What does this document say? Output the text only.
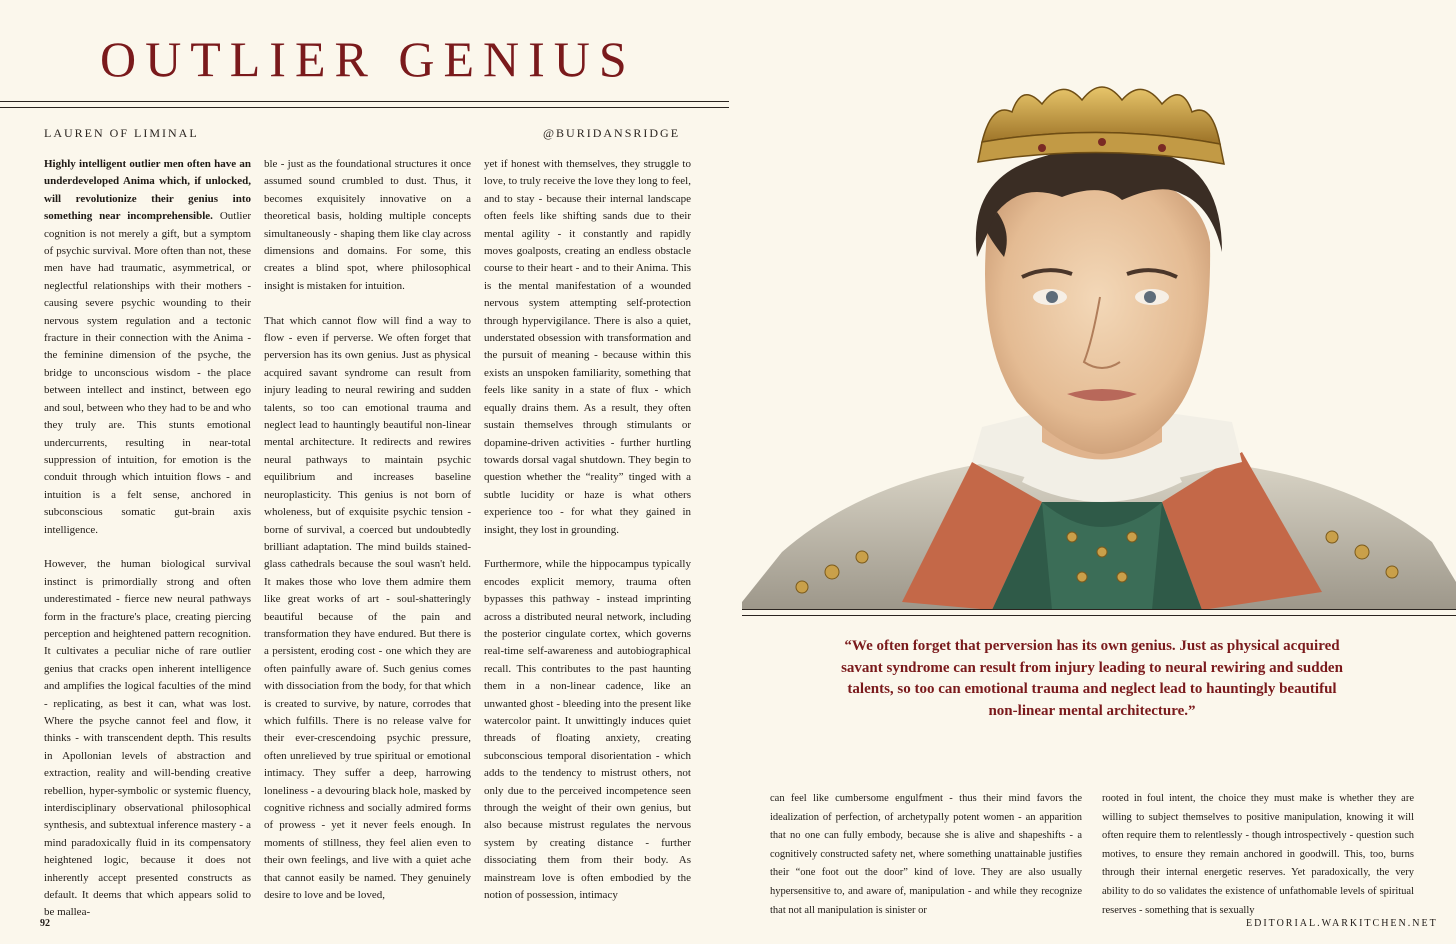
OUTLIER GENIUS
LAUREN OF LIMINAL	@BURIDANSRIDGE

Highly intelligent outlier men often have an underdeveloped Anima which, if unlocked, will revolutionize their genius into something near incomprehensible. Outlier cognition is not merely a gift, but a symptom of psychic survival. More often than not, these men have had traumatic, asymmetrical, or neglectful relationships with their mothers - causing severe psychic wounding to their nervous system regulation and a tectonic fracture in their connection with the Anima - the feminine dimension of the psyche, the bridge to unconscious wisdom - the place between intellect and instinct, between ego and soul, between who they had to be and who they truly are. This stunts emotional undercurrents, resulting in near-total suppression of intuition, for emotion is the conduit through which intuition flows - and intuition is a felt sense, anchored in subconscious somatic gut-brain axis intelligence.

However, the human biological survival instinct is primordially strong and often underestimated - fierce new neural pathways form in the fracture's place, creating piercing perception and heightened pattern recognition. It cultivates a peculiar niche of rare outlier genius that cracks open inherent intelligence and amplifies the logical faculties of the mind - replicating, as best it can, what was lost. Where the psyche cannot feel and flow, it thinks - with transcendent depth. This results in Apollonian levels of abstraction and extraction, reality and will-bending creative rebellion, hyper-symbolic or systemic fluency, interdisciplinary observational philosophical synthesis, and subtextual inference mastery - a mind paradoxically fluid in its compensatory heightened logic, because it does not inherently accept presented constructs as default. It deems that which appears solid to be mallea-

ble - just as the foundational structures it once assumed sound crumbled to dust. Thus, it becomes exquisitely innovative on a theoretical basis, holding multiple concepts simultaneously - shaping them like clay across dimensions and domains. For some, this creates a blind spot, where philosophical insight is mistaken for intuition.

That which cannot flow will find a way to flow - even if perverse. We often forget that perversion has its own genius. Just as physical acquired savant syndrome can result from injury leading to neural rewiring and sudden talents, so too can emotional trauma and neglect lead to hauntingly beautiful non-linear mental architecture. It redirects and rewires neural pathways to maintain psychic equilibrium and increases baseline neuroplasticity. This genius is not born of wholeness, but of exquisite psychic tension - borne of survival, a coerced but undoubtedly brilliant adaptation. The mind builds stained-glass cathedrals because the soul wasn't held. It makes those who love them admire them like great works of art - soul-shatteringly beautiful because of the pain and transformation they have endured. But there is a persistent, eroding cost - one which they are often painfully aware of. Such genius comes with dissociation from the body, for that which is created to survive, by nature, corrodes that which fulfills. There is no release valve for their ever-crescendoing psychic pressure, often unrelieved by true spiritual or emotional intimacy. They suffer a deep, harrowing loneliness - a devouring black hole, masked by cognitive richness and socially admired forms of prowess - yet it never feels enough. In moments of stillness, they feel alien even to their own feelings, and live with a quiet ache that cannot easily be named. They genuinely desire to love and be loved,

yet if honest with themselves, they struggle to love, to truly receive the love they long to feel, and to stay - because their internal landscape often feels like shifting sands due to their mental agility - it constantly and rapidly moves goalposts, creating an endless obstacle course to their heart - and to their Anima. This is the mental manifestation of a wounded nervous system attempting self-protection through hypervigilance. There is also a quiet, understated obsession with transformation and the pursuit of meaning - because within this exists an unspoken familiarity, something that feels like sanity in a state of flux - which equally drains them. As a result, they often sustain themselves through stimulants or dopamine-driven activities - further hurtling towards dorsal vagal shutdown. They begin to question whether the “reality” tinged with a subtle lucidity or haze is what others experience too - for what they gained in insight, they lost in grounding.

Furthermore, while the hippocampus typically encodes explicit memory, trauma often bypasses this pathway - instead imprinting across a distributed neural network, including the posterior cingulate cortex, which governs real-time self-awareness and autobiographical recall. This contributes to the past haunting them in a non-linear cadence, like an unwanted ghost - bleeding into the present like watercolor paint. It unwittingly induces quiet threads of floating anxiety, creating subconscious temporal disorientation - which adds to the tendency to mistrust others, not only due to the perceived incompetence seen through the weight of their own genius, but also because mistrust regulates the nervous system by creating distance - further dissociating them from their body. As mainstream love is often embodied by the notion of possession, intimacy

“We often forget that perversion has its own genius. Just as physical acquired savant syndrome can result from injury leading to neural rewiring and sudden talents, so too can emotional trauma and neglect lead to hauntingly beautiful non-linear mental architecture.”
can feel like cumbersome engulfment - thus their mind favors the idealization of perfection, of archetypally potent women - an apparition that no one can fully embody, because she is alive and shapeshifts - a cognitively constructed safety net, where something unattainable justifies their “one foot out the door” kind of love. They are also usually hypersensitive to, and aware of, manipulation - and while they recognize that not all manipulation is sinister or
rooted in foul intent, the choice they must make is whether they are willing to subject themselves to positive manipulation, knowing it will often require them to relentlessly - though introspectively - question such motives, to ensure they remain anchored in goodwill. This, too, burns through their internal energetic reserves. Yet paradoxically, the very ability to do so validates the existence of unfathomable levels of spiritual reserves - something that is sexually
92	EDITORIAL.WARKITCHEN.NET
